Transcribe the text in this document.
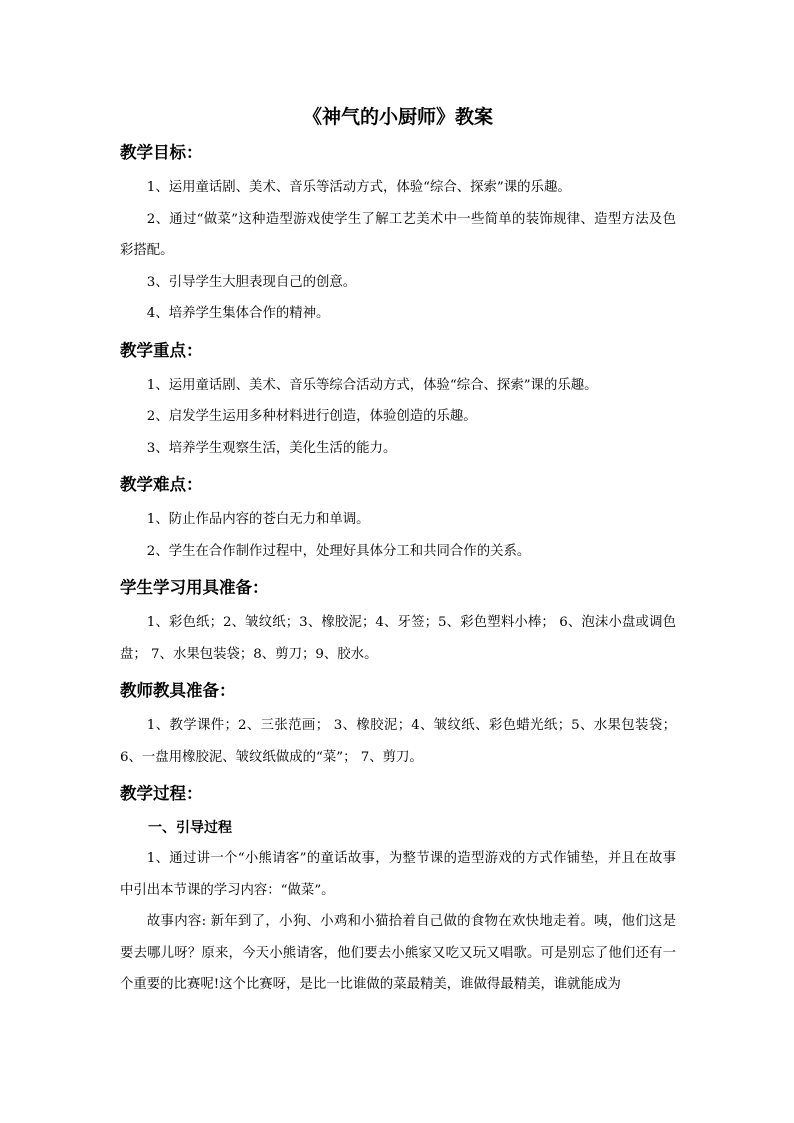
《神气的小厨师》教案
教学目标：

1、运用童话剧、美术、音乐等活动方式，体验“综合、探索”课的乐趣。

2、通过“做菜”这种造型游戏使学生了解工艺美术中一些简单的装饰规律、造型方法及色彩搭配。

3、引导学生大胆表现自己的创意。

4、培养学生集体合作的精神。

教学重点：

1、运用童话剧、美术、音乐等综合活动方式，体验“综合、探索”课的乐趣。

2、启发学生运用多种材料进行创造，体验创造的乐趣。

3、培养学生观察生活，美化生活的能力。

教学难点：

1、防止作品内容的苍白无力和单调。

2、学生在合作制作过程中，处理好具体分工和共同合作的关系。

学生学习用具准备：

1、彩色纸；2、皱纹纸；3、橡胶泥；4、牙签；5、彩色塑料小棒； 6、泡沫小盘或调色盘； 7、水果包装袋；8、剪刀；9、胶水。

教师教具准备：

1、教学课件；2、三张范画； 3、橡胶泥；4、皱纹纸、彩色蜡光纸；5、水果包装袋；6、一盘用橡胶泥、皱纹纸做成的“菜”； 7、剪刀。

教学过程：
一、引导过程

1、通过讲一个“小熊请客”的童话故事，为整节课的造型游戏的方式作铺垫，并且在故事中引出本节课的学习内容：“做菜”。

故事内容: 新年到了，小狗、小鸡和小猫拾着自己做的食物在欢快地走着。咦，他们这是要去哪儿呀？原来，今天小熊请客，他们要去小熊家又吃又玩又唱歌。可是别忘了他们还有一个重要的比赛呢!这个比赛呀，是比一比谁做的菜最精美，谁做得最精美，谁就能成为
